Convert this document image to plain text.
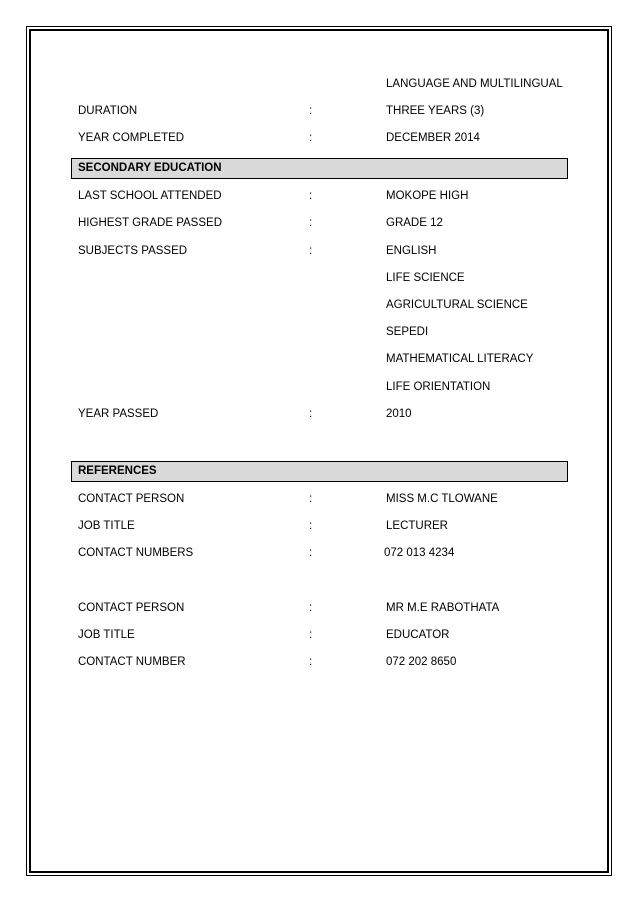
LANGUAGE AND MULTILINGUAL
DURATION	:	THREE YEARS (3)
YEAR COMPLETED	:	DECEMBER 2014
SECONDARY EDUCATION
LAST SCHOOL ATTENDED	:	MOKOPE HIGH
HIGHEST GRADE PASSED	:	GRADE 12
SUBJECTS PASSED	:	ENGLISH
LIFE SCIENCE
AGRICULTURAL SCIENCE
SEPEDI
MATHEMATICAL LITERACY
LIFE ORIENTATION
YEAR PASSED	:	2010
REFERENCES
CONTACT PERSON	:	MISS M.C TLOWANE
JOB TITLE	:	LECTURER
CONTACT NUMBERS	:	072 013 4234
CONTACT PERSON	:	MR M.E RABOTHATA
JOB TITLE	:	EDUCATOR
CONTACT NUMBER	:	072 202 8650
